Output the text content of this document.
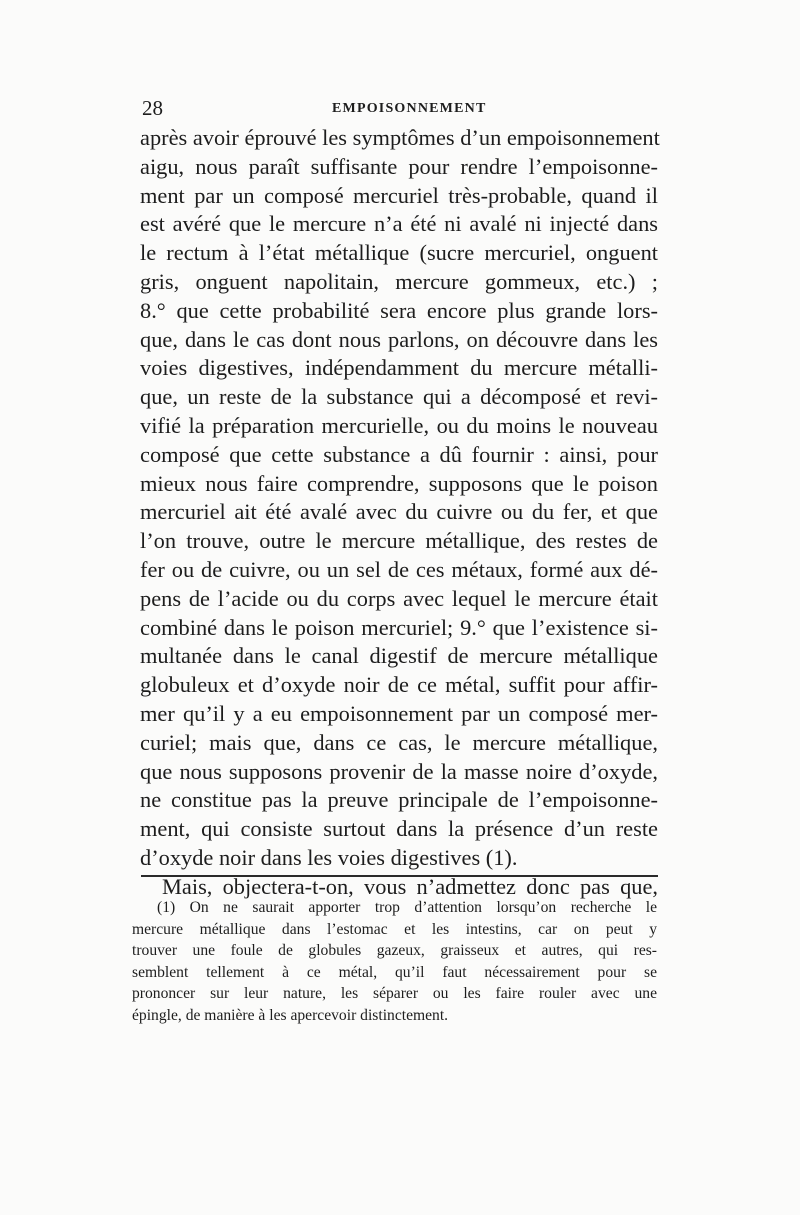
28	EMPOISONNEMENT
après avoir éprouvé les symptômes d’un empoisonnement
aigu, nous paraît suffisante pour rendre l’empoisonne-
ment par un composé mercuriel très-probable, quand il
est avéré que le mercure n’a été ni avalé ni injecté dans
le rectum à l’état métallique (sucre mercuriel, onguent
gris, onguent napolitain, mercure gommeux, etc.) ;
8.° que cette probabilité sera encore plus grande lors-
que, dans le cas dont nous parlons, on découvre dans les
voies digestives, indépendamment du mercure métalli-
que, un reste de la substance qui a décomposé et revi-
vifié la préparation mercurielle, ou du moins le nouveau
composé que cette substance a dû fournir : ainsi, pour
mieux nous faire comprendre, supposons que le poison
mercuriel ait été avalé avec du cuivre ou du fer, et que
l’on trouve, outre le mercure métallique, des restes de
fer ou de cuivre, ou un sel de ces métaux, formé aux dé-
pens de l’acide ou du corps avec lequel le mercure était
combiné dans le poison mercuriel; 9.° que l’existence si-
multanée dans le canal digestif de mercure métallique
globuleux et d’oxyde noir de ce métal, suffit pour affir-
mer qu’il y a eu empoisonnement par un composé mer-
curiel; mais que, dans ce cas, le mercure métallique,
que nous supposons provenir de la masse noire d’oxyde,
ne constitue pas la preuve principale de l’empoisonne-
ment, qui consiste surtout dans la présence d’un reste
d’oxyde noir dans les voies digestives (1).
Mais, objectera-t-on, vous n’admettez donc pas que,
(1) On ne saurait apporter trop d’attention lorsqu’on recherche le
mercure métallique dans l’estomac et les intestins, car on peut y
trouver une foule de globules gazeux, graisseux et autres, qui res-
semblent tellement à ce métal, qu’il faut nécessairement pour se
prononcer sur leur nature, les séparer ou les faire rouler avec une
épingle, de manière à les apercevoir distinctement.
